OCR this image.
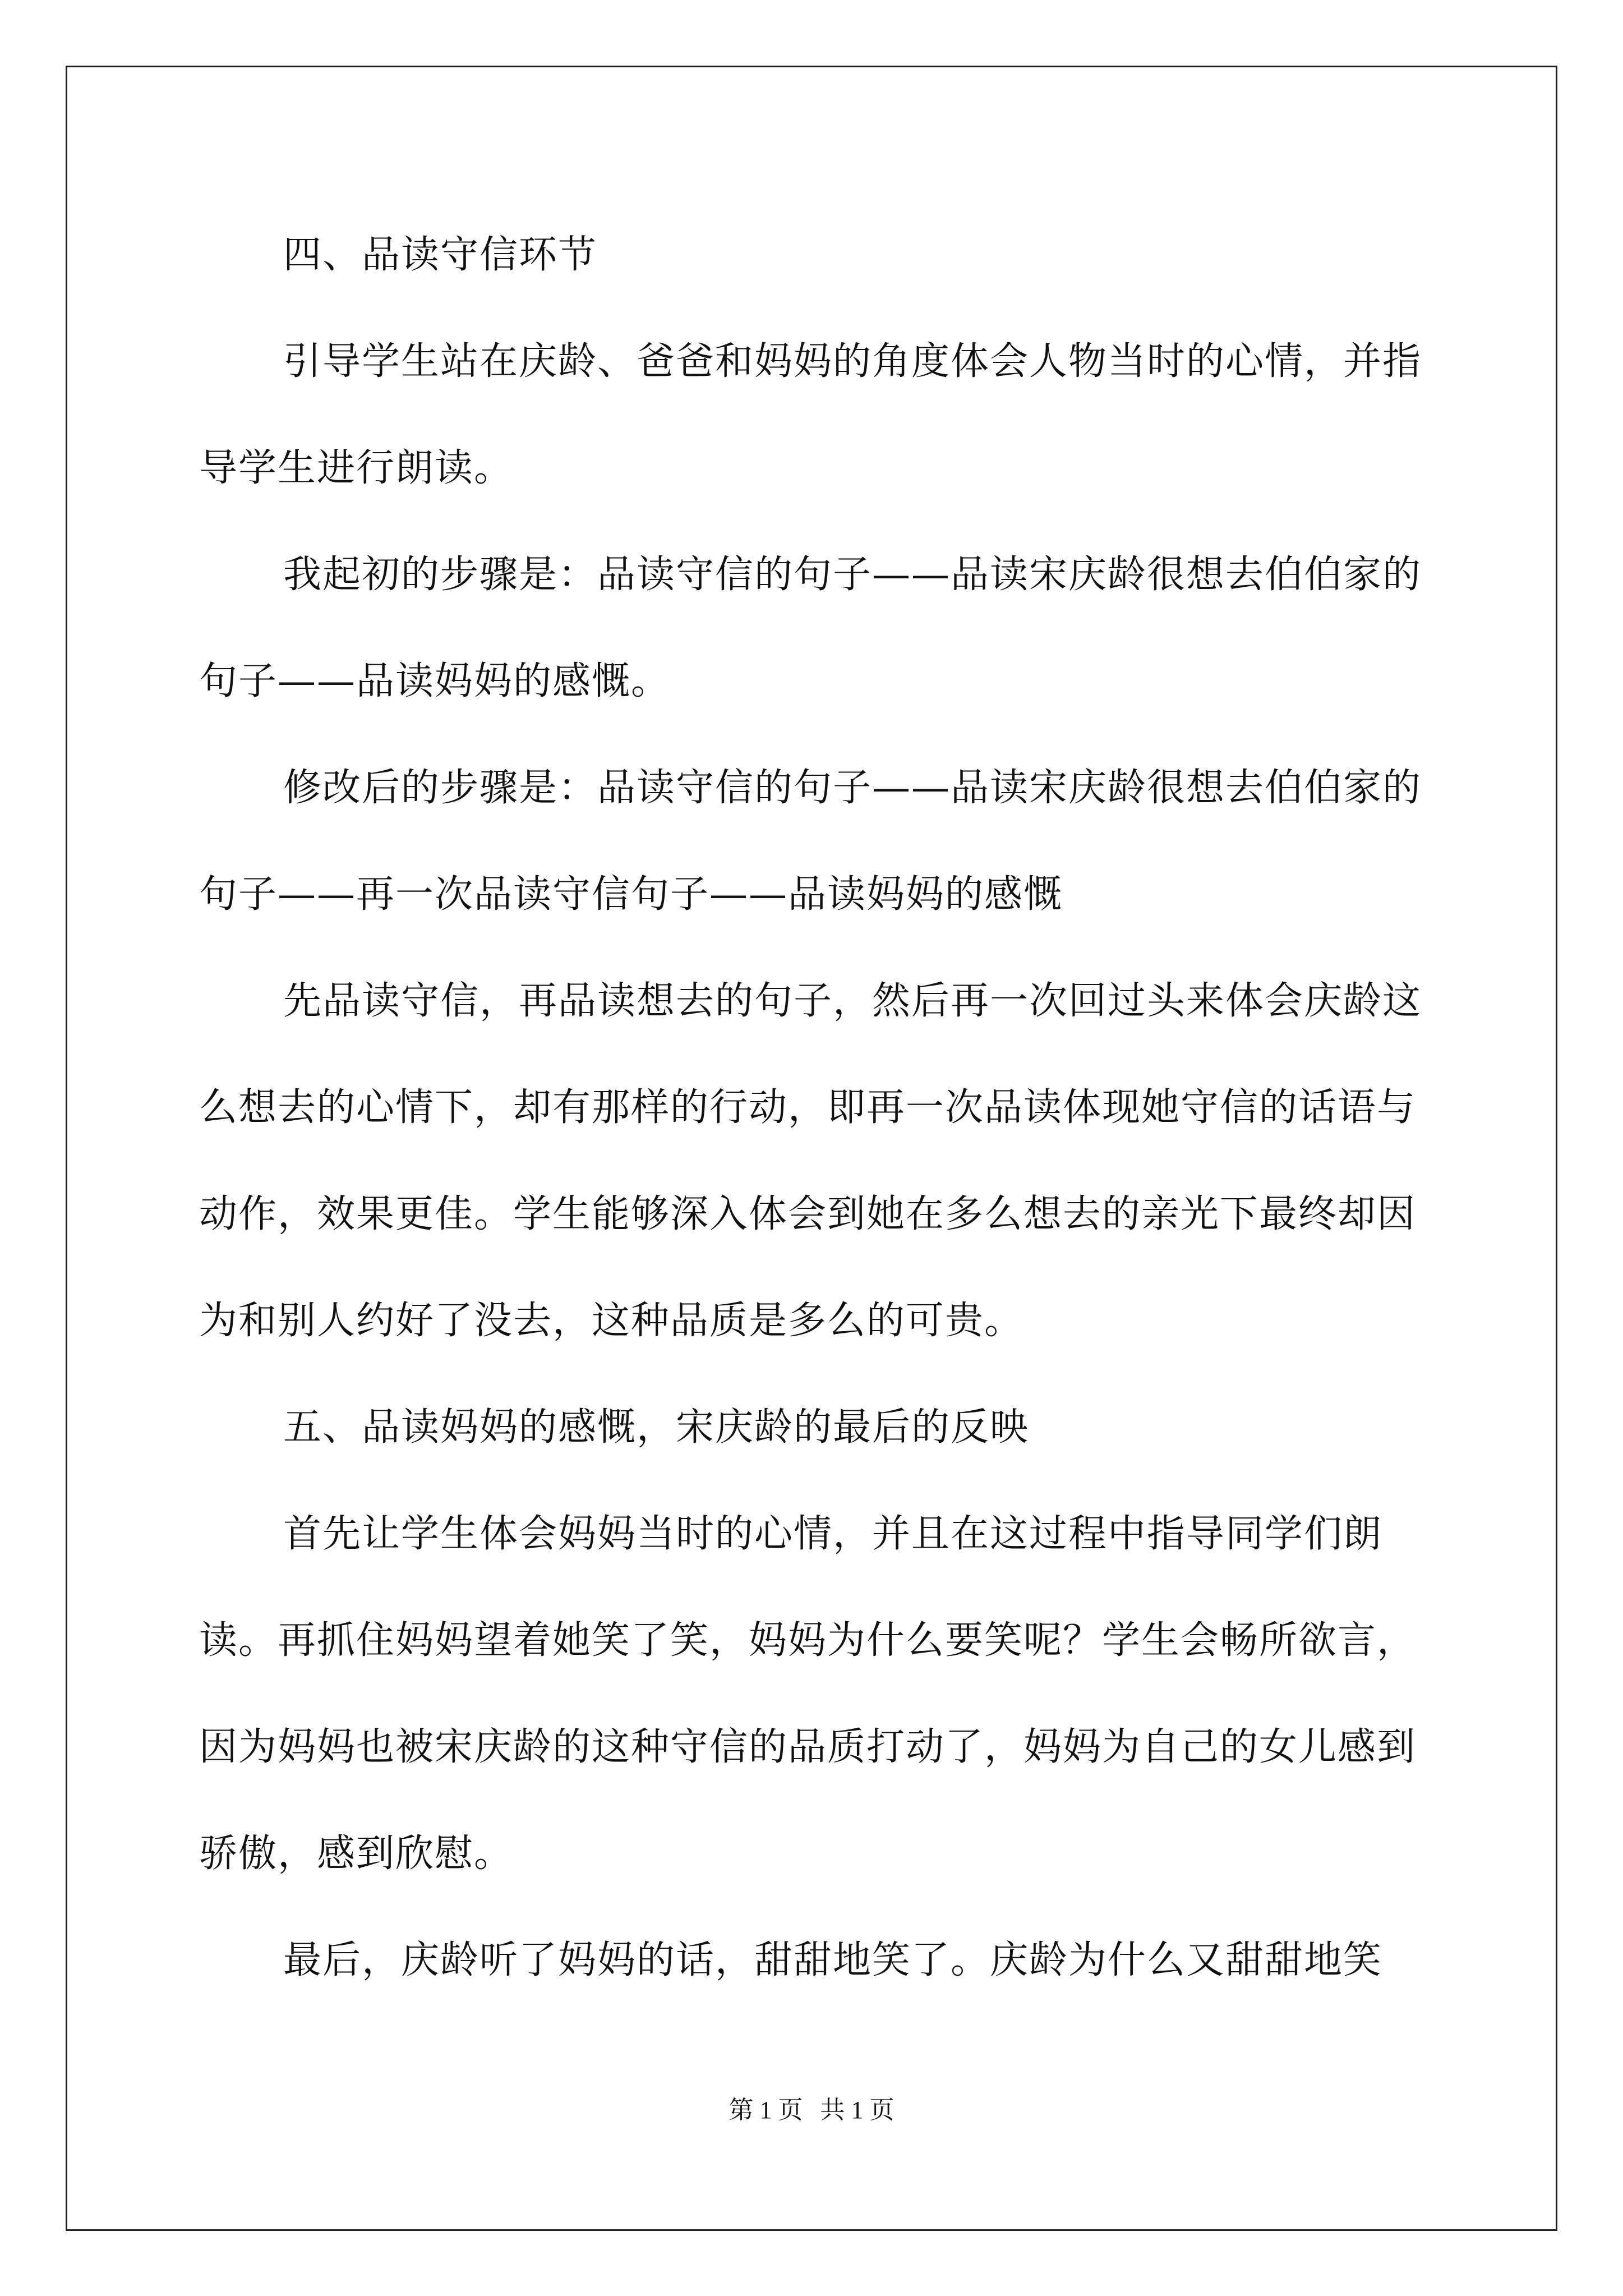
四、品读守信环节

引导学生站在庆龄、爸爸和妈妈的角度体会人物当时的心情，并指导学生进行朗读。

我起初的步骤是：品读守信的句子——品读宋庆龄很想去伯伯家的句子——品读妈妈的感慨。

修改后的步骤是：品读守信的句子——品读宋庆龄很想去伯伯家的句子——再一次品读守信句子——品读妈妈的感慨

先品读守信，再品读想去的句子，然后再一次回过头来体会庆龄这么想去的心情下，却有那样的行动，即再一次品读体现她守信的话语与动作，效果更佳。学生能够深入体会到她在多么想去的亲光下最终却因为和别人约好了没去，这种品质是多么的可贵。

五、品读妈妈的感慨，宋庆龄的最后的反映

首先让学生体会妈妈当时的心情，并且在这过程中指导同学们朗读。再抓住妈妈望着她笑了笑，妈妈为什么要笑呢？学生会畅所欲言，因为妈妈也被宋庆龄的这种守信的品质打动了，妈妈为自己的女儿感到骄傲，感到欣慰。

最后，庆龄听了妈妈的话，甜甜地笑了。庆龄为什么又甜甜地笑

第 1 页 共 1 页
